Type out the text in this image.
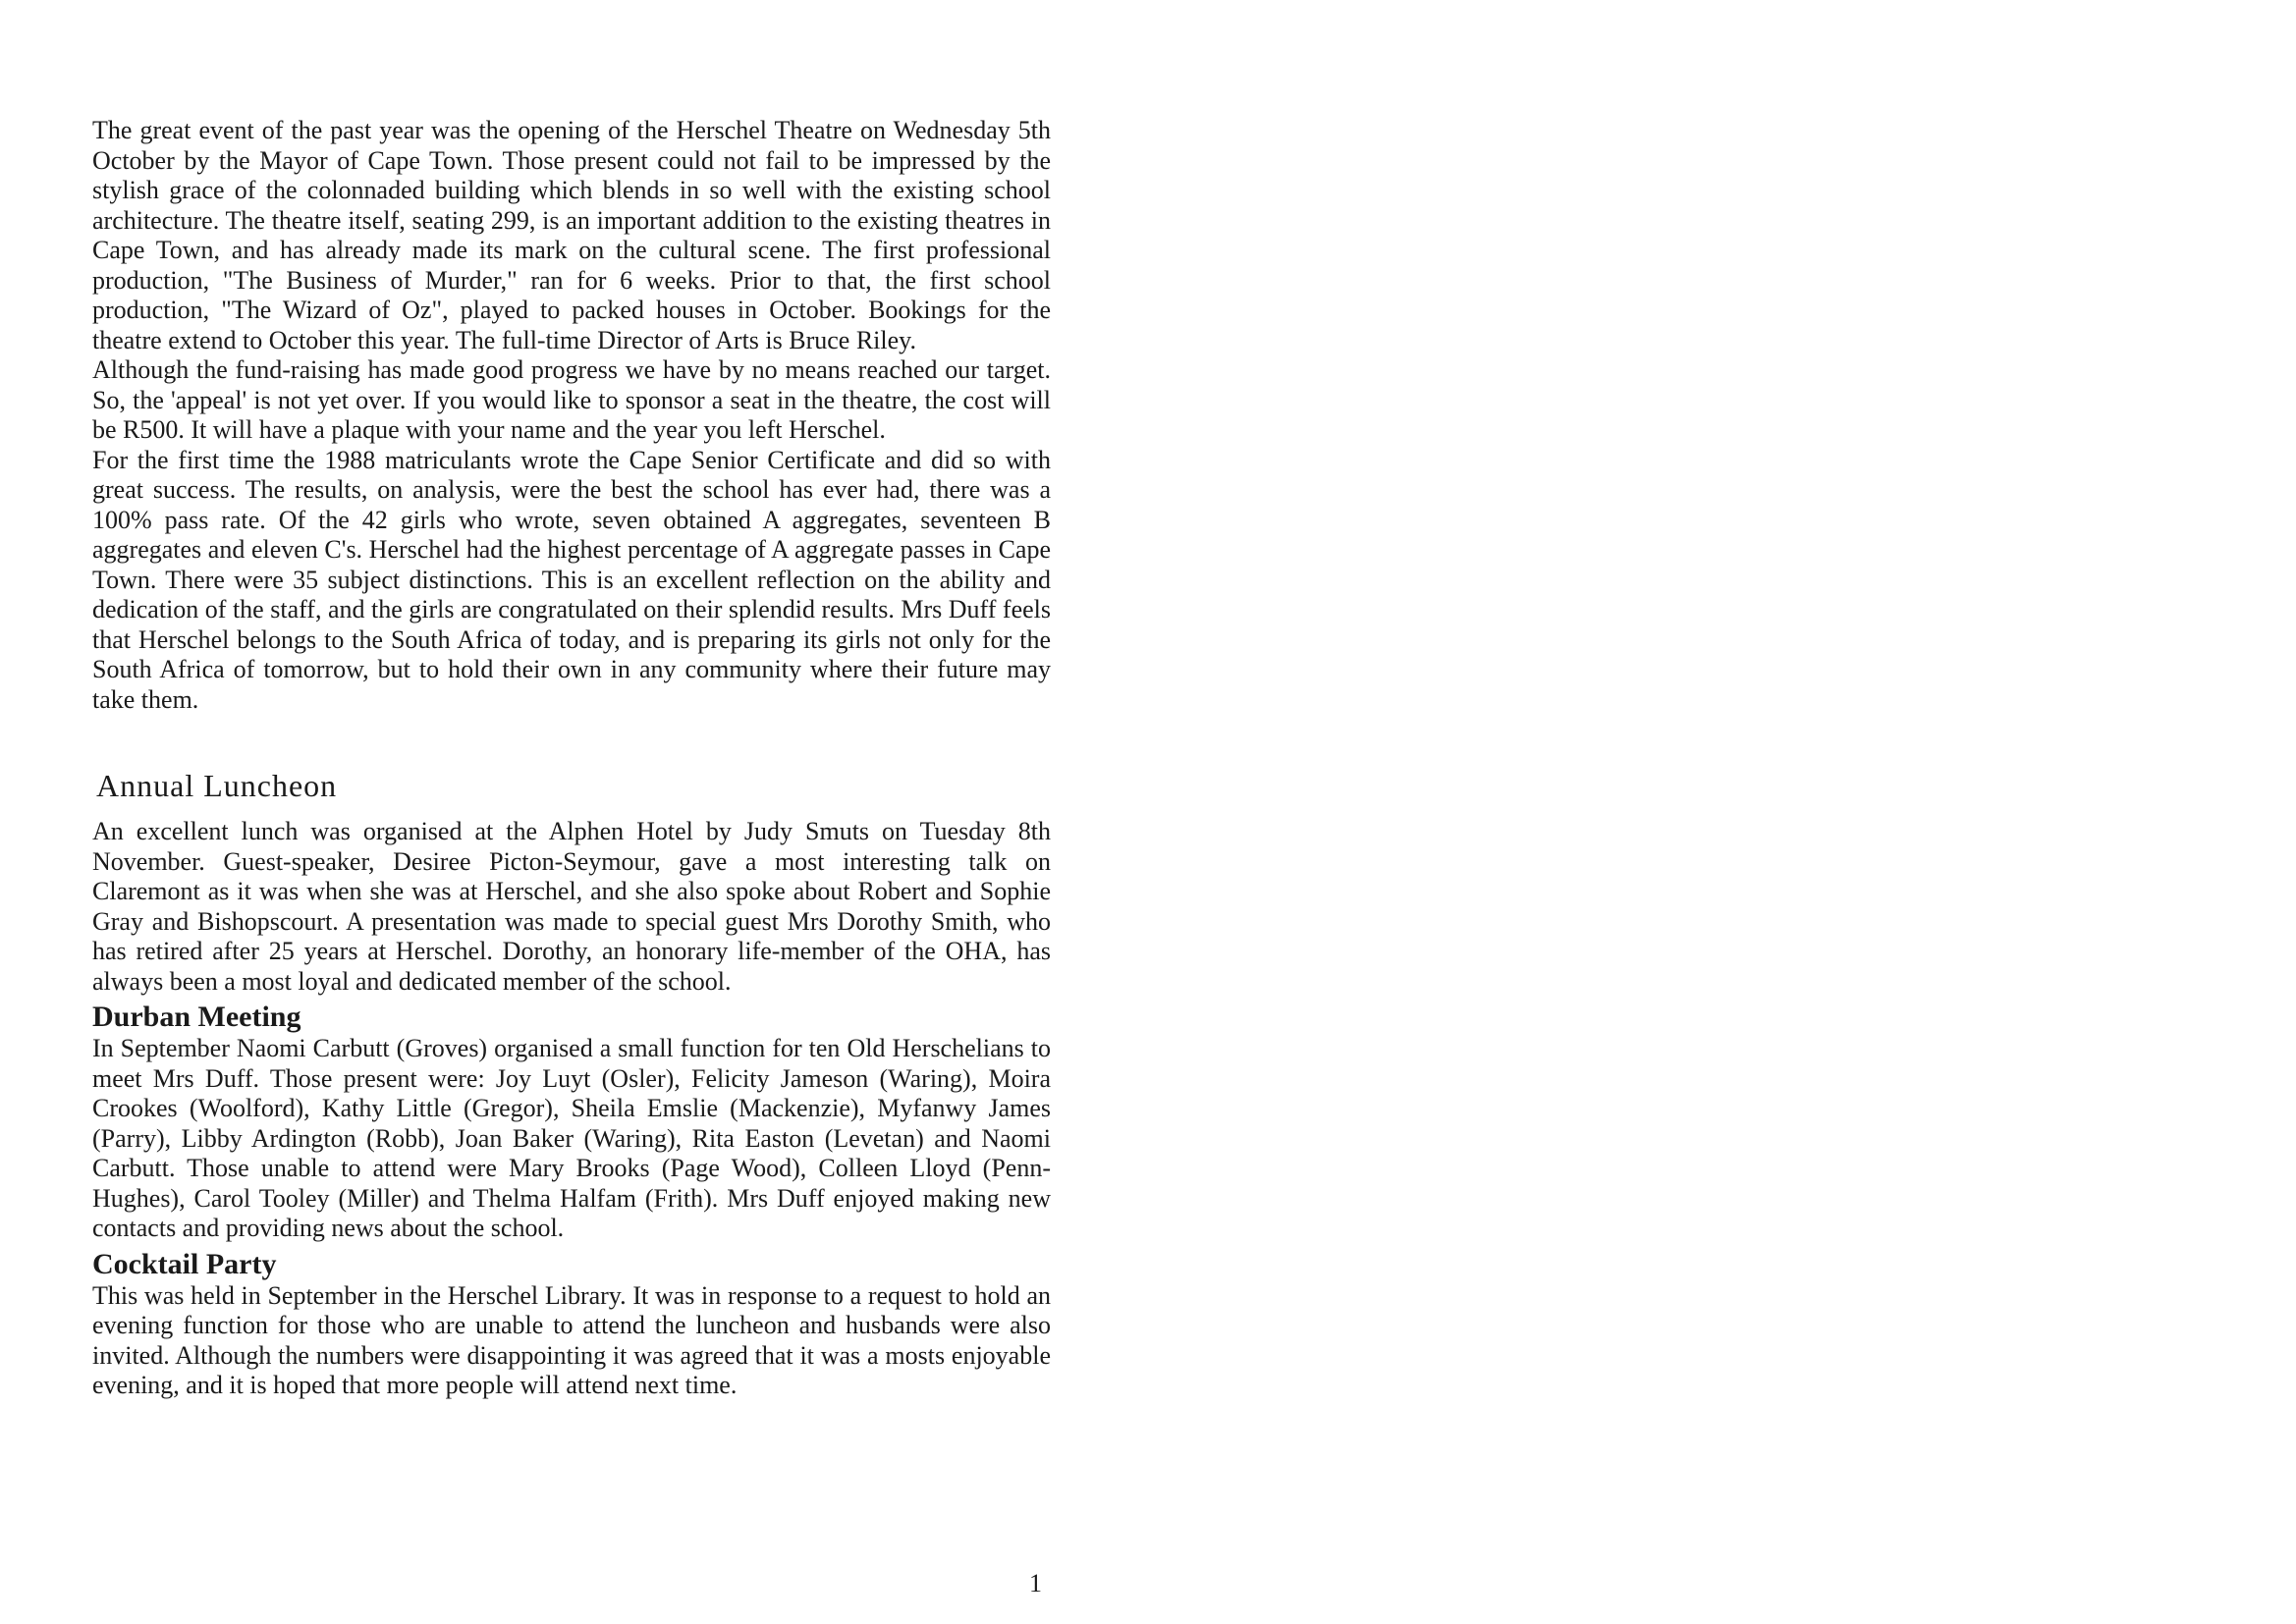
The great event of the past year was the opening of the Herschel Theatre on Wednesday 5th October by the Mayor of Cape Town. Those present could not fail to be impressed by the stylish grace of the colonnaded building which blends in so well with the existing school architecture. The theatre itself, seating 299, is an important addition to the existing theatres in Cape Town, and has already made its mark on the cultural scene. The first professional production, "The Business of Murder," ran for 6 weeks. Prior to that, the first school production, "The Wizard of Oz", played to packed houses in October. Bookings for the theatre extend to October this year. The full-time Director of Arts is Bruce Riley.

Although the fund-raising has made good progress we have by no means reached our target. So, the 'appeal' is not yet over. If you would like to sponsor a seat in the theatre, the cost will be R500. It will have a plaque with your name and the year you left Herschel.

For the first time the 1988 matriculants wrote the Cape Senior Certificate and did so with great success. The results, on analysis, were the best the school has ever had, there was a 100% pass rate. Of the 42 girls who wrote, seven obtained A aggregates, seventeen B aggregates and eleven C's. Herschel had the highest percentage of A aggregate passes in Cape Town. There were 35 subject distinctions. This is an excellent reflection on the ability and dedication of the staff, and the girls are congratulated on their splendid results. Mrs Duff feels that Herschel belongs to the South Africa of today, and is preparing its girls not only for the South Africa of tomorrow, but to hold their own in any community where their future may take them.

Annual Luncheon

An excellent lunch was organised at the Alphen Hotel by Judy Smuts on Tuesday 8th November. Guest-speaker, Desiree Picton-Seymour, gave a most interesting talk on Claremont as it was when she was at Herschel, and she also spoke about Robert and Sophie Gray and Bishopscourt. A presentation was made to special guest Mrs Dorothy Smith, who has retired after 25 years at Herschel. Dorothy, an honorary life-member of the OHA, has always been a most loyal and dedicated member of the school.

Durban Meeting

In September Naomi Carbutt (Groves) organised a small function for ten Old Herschelians to meet Mrs Duff. Those present were: Joy Luyt (Osler), Felicity Jameson (Waring), Moira Crookes (Woolford), Kathy Little (Gregor), Sheila Emslie (Mackenzie), Myfanwy James (Parry), Libby Ardington (Robb), Joan Baker (Waring), Rita Easton (Levetan) and Naomi Carbutt. Those unable to attend were Mary Brooks (Page Wood), Colleen Lloyd (Penn-Hughes), Carol Tooley (Miller) and Thelma Halfam (Frith). Mrs Duff enjoyed making new contacts and providing news about the school.

Cocktail Party

This was held in September in the Herschel Library. It was in response to a request to hold an evening function for those who are unable to attend the luncheon and husbands were also invited. Although the numbers were disappointing it was agreed that it was a mosts enjoyable evening, and it is hoped that more people will attend next time.

1
